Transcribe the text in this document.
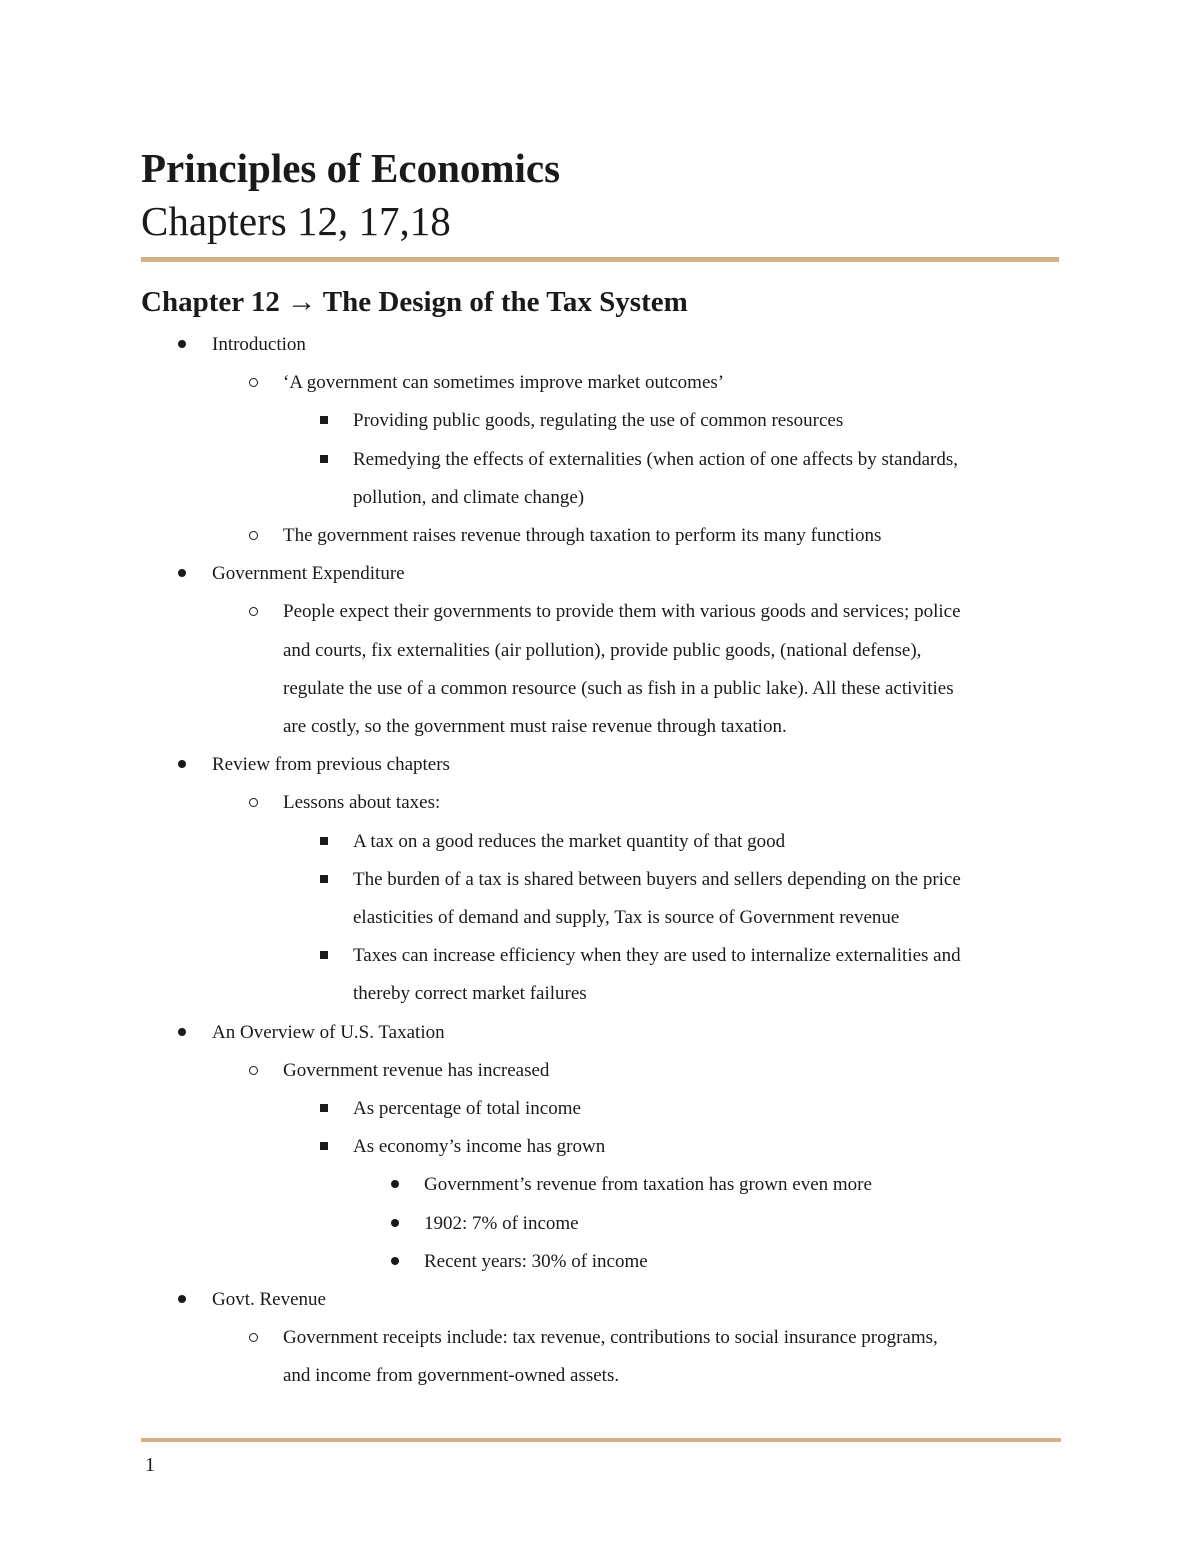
Principles of Economics
Chapters 12, 17,18
Chapter 12 → The Design of the Tax System
Introduction
‘A government can sometimes improve market outcomes’
Providing public goods, regulating the use of common resources
Remedying the effects of externalities (when action of one affects by standards,
pollution, and climate change)
The government raises revenue through taxation to perform its many functions
Government Expenditure
People expect their governments to provide them with various goods and services; police
and courts, fix externalities (air pollution), provide public goods, (national defense),
regulate the use of a common resource (such as fish in a public lake). All these activities
are costly, so the government must raise revenue through taxation.
Review from previous chapters
Lessons about taxes:
A tax on a good reduces the market quantity of that good
The burden of a tax is shared between buyers and sellers depending on the price
elasticities of demand and supply, Tax is source of Government revenue
Taxes can increase efficiency when they are used to internalize externalities and
thereby correct market failures
An Overview of U.S. Taxation
Government revenue has increased
As percentage of total income
As economy’s income has grown
Government’s revenue from taxation has grown even more
1902: 7% of income
Recent years: 30% of income
Govt. Revenue
Government receipts include: tax revenue, contributions to social insurance programs,
and income from government-owned assets.
1
